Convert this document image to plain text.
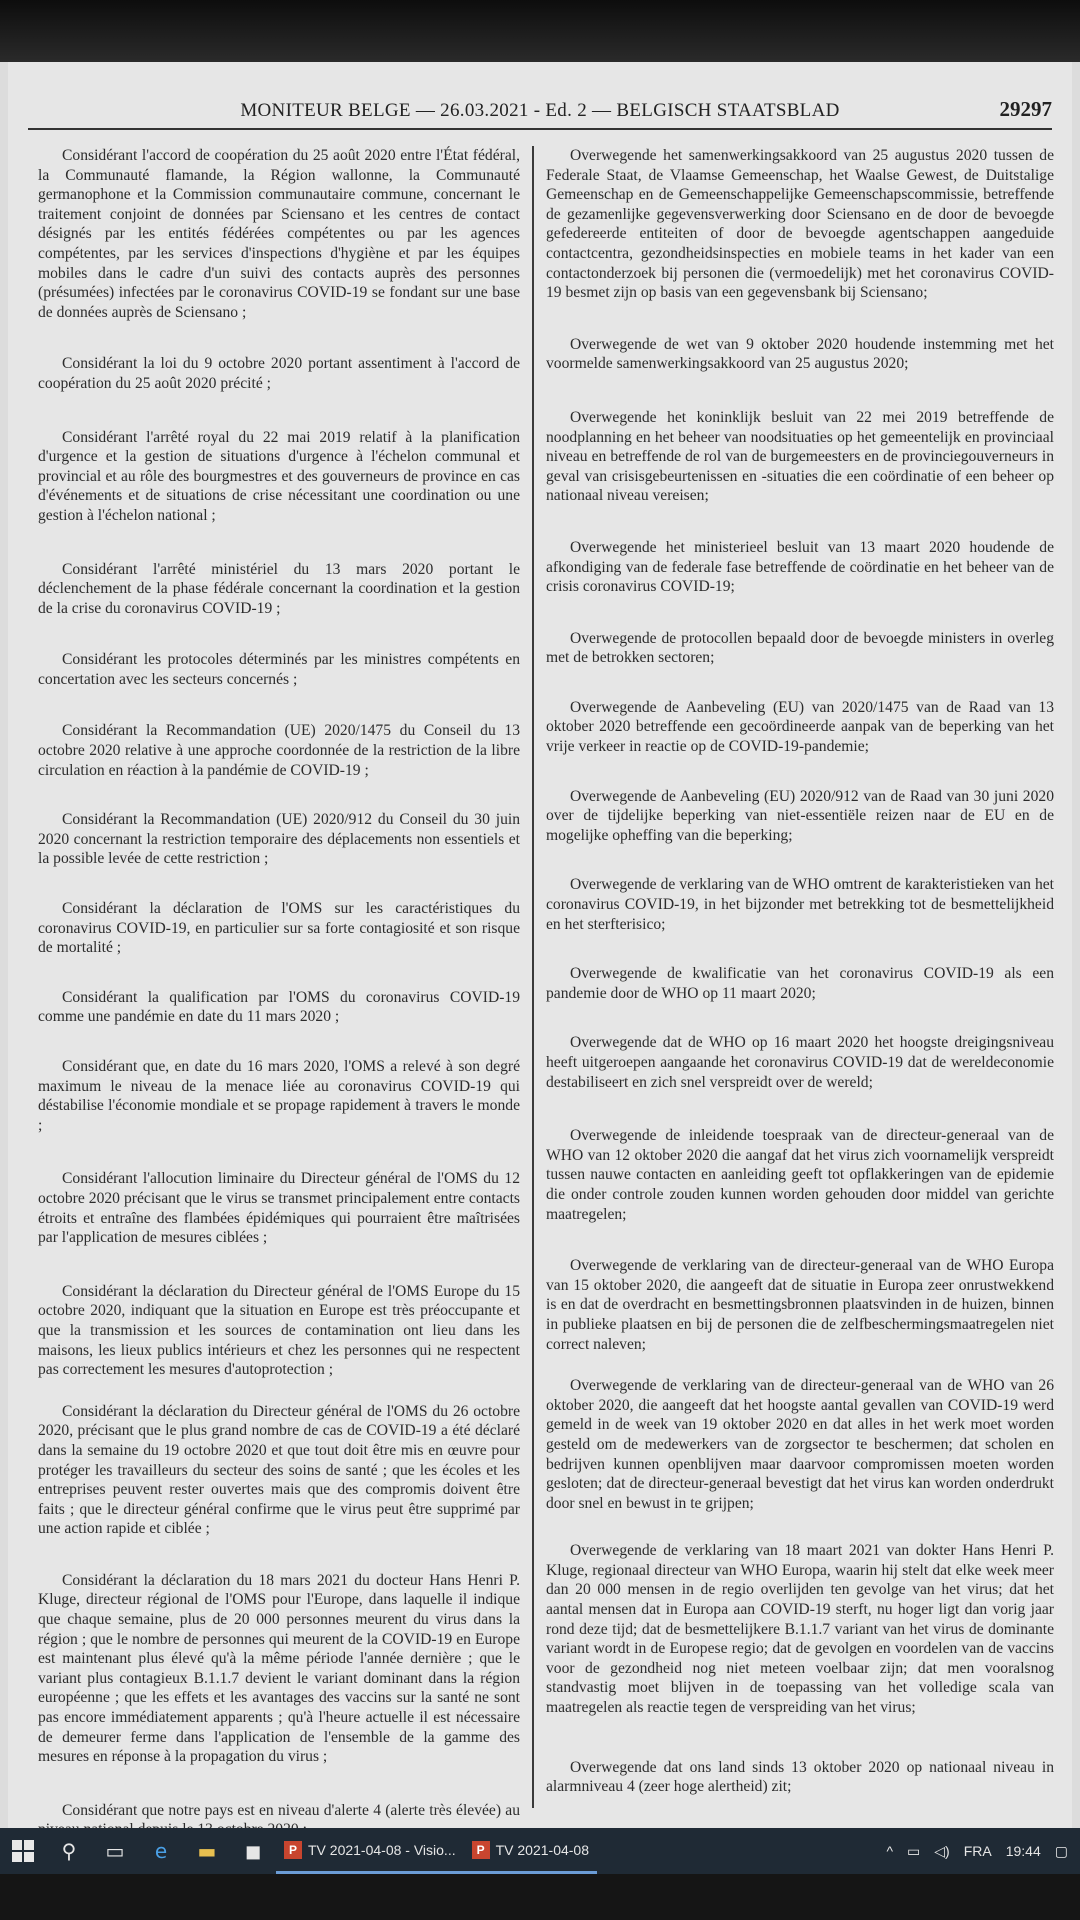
MONITEUR BELGE — 26.03.2021 - Ed. 2 — BELGISCH STAATSBLAD	29297

Considérant l'accord de coopération du 25 août 2020 entre l'État fédéral, la Communauté flamande, la Région wallonne, la Communauté germanophone et la Commission communautaire commune, concernant le traitement conjoint de données par Sciensano et les centres de contact désignés par les entités fédérées compétentes ou par les agences compétentes, par les services d'inspections d'hygiène et par les équipes mobiles dans le cadre d'un suivi des contacts auprès des personnes (présumées) infectées par le coronavirus COVID-19 se fondant sur une base de données auprès de Sciensano ;

Considérant la loi du 9 octobre 2020 portant assentiment à l'accord de coopération du 25 août 2020 précité ;

Considérant l'arrêté royal du 22 mai 2019 relatif à la planification d'urgence et la gestion de situations d'urgence à l'échelon communal et provincial et au rôle des bourgmestres et des gouverneurs de province en cas d'événements et de situations de crise nécessitant une coordination ou une gestion à l'échelon national ;

Considérant l'arrêté ministériel du 13 mars 2020 portant le déclenchement de la phase fédérale concernant la coordination et la gestion de la crise du coronavirus COVID-19 ;

Considérant les protocoles déterminés par les ministres compétents en concertation avec les secteurs concernés ;

Considérant la Recommandation (UE) 2020/1475 du Conseil du 13 octobre 2020 relative à une approche coordonnée de la restriction de la libre circulation en réaction à la pandémie de COVID-19 ;

Considérant la Recommandation (UE) 2020/912 du Conseil du 30 juin 2020 concernant la restriction temporaire des déplacements non essentiels et la possible levée de cette restriction ;

Considérant la déclaration de l'OMS sur les caractéristiques du coronavirus COVID-19, en particulier sur sa forte contagiosité et son risque de mortalité ;

Considérant la qualification par l'OMS du coronavirus COVID-19 comme une pandémie en date du 11 mars 2020 ;

Considérant que, en date du 16 mars 2020, l'OMS a relevé à son degré maximum le niveau de la menace liée au coronavirus COVID-19 qui déstabilise l'économie mondiale et se propage rapidement à travers le monde ;

Considérant l'allocution liminaire du Directeur général de l'OMS du 12 octobre 2020 précisant que le virus se transmet principalement entre contacts étroits et entraîne des flambées épidémiques qui pourraient être maîtrisées par l'application de mesures ciblées ;

Considérant la déclaration du Directeur général de l'OMS Europe du 15 octobre 2020, indiquant que la situation en Europe est très préoccupante et que la transmission et les sources de contamination ont lieu dans les maisons, les lieux publics intérieurs et chez les personnes qui ne respectent pas correctement les mesures d'autoprotection ;

Considérant la déclaration du Directeur général de l'OMS du 26 octobre 2020, précisant que le plus grand nombre de cas de COVID-19 a été déclaré dans la semaine du 19 octobre 2020 et que tout doit être mis en œuvre pour protéger les travailleurs du secteur des soins de santé ; que les écoles et les entreprises peuvent rester ouvertes mais que des compromis doivent être faits ; que le directeur général confirme que le virus peut être supprimé par une action rapide et ciblée ;

Considérant la déclaration du 18 mars 2021 du docteur Hans Henri P. Kluge, directeur régional de l'OMS pour l'Europe, dans laquelle il indique que chaque semaine, plus de 20 000 personnes meurent du virus dans la région ; que le nombre de personnes qui meurent de la COVID-19 en Europe est maintenant plus élevé qu'à la même période l'année dernière ; que le variant plus contagieux B.1.1.7 devient le variant dominant dans la région européenne ; que les effets et les avantages des vaccins sur la santé ne sont pas encore immédiatement apparents ; qu'à l'heure actuelle il est nécessaire de demeurer ferme dans l'application de l'ensemble de la gamme des mesures en réponse à la propagation du virus ;

Considérant que notre pays est en niveau d'alerte 4 (alerte très élevée) au

Overwegende het samenwerkingsakkoord van 25 augustus 2020 tussen de Federale Staat, de Vlaamse Gemeenschap, het Waalse Gewest, de Duitstalige Gemeenschap en de Gemeenschappelijke Gemeenschapscommissie, betreffende de gezamenlijke gegevensverwerking door Sciensano en de door de bevoegde gefedereerde entiteiten of door de bevoegde agentschappen aangeduide contactcentra, gezondheidsinspecties en mobiele teams in het kader van een contactonderzoek bij personen die (vermoedelijk) met het coronavirus COVID-19 besmet zijn op basis van een gegevensbank bij Sciensano;

Overwegende de wet van 9 oktober 2020 houdende instemming met het voormelde samenwerkingsakkoord van 25 augustus 2020;

Overwegende het koninklijk besluit van 22 mei 2019 betreffende de noodplanning en het beheer van noodsituaties op het gemeentelijk en provinciaal niveau en betreffende de rol van de burgemeesters en de provinciegouverneurs in geval van crisisgebeurtenissen en -situaties die een coördinatie of een beheer op nationaal niveau vereisen;

Overwegende het ministerieel besluit van 13 maart 2020 houdende de afkondiging van de federale fase betreffende de coördinatie en het beheer van de crisis coronavirus COVID-19;

Overwegende de protocollen bepaald door de bevoegde ministers in overleg met de betrokken sectoren;

Overwegende de Aanbeveling (EU) van 2020/1475 van de Raad van 13 oktober 2020 betreffende een gecoördineerde aanpak van de beperking van het vrije verkeer in reactie op de COVID-19-pandemie;

Overwegende de Aanbeveling (EU) 2020/912 van de Raad van 30 juni 2020 over de tijdelijke beperking van niet-essentiële reizen naar de EU en de mogelijke opheffing van die beperking;

Overwegende de verklaring van de WHO omtrent de karakteristieken van het coronavirus COVID-19, in het bijzonder met betrekking tot de besmettelijkheid en het sterfterisico;

Overwegende de kwalificatie van het coronavirus COVID-19 als een pandemie door de WHO op 11 maart 2020;

Overwegende dat de WHO op 16 maart 2020 het hoogste dreigingsniveau heeft uitgeroepen aangaande het coronavirus COVID-19 dat de wereldeconomie destabiliseert en zich snel verspreidt over de wereld;

Overwegende de inleidende toespraak van de directeur-generaal van de WHO van 12 oktober 2020 die aangaf dat het virus zich voornamelijk verspreidt tussen nauwe contacten en aanleiding geeft tot opflakkeringen van de epidemie die onder controle zouden kunnen worden gehouden door middel van gerichte maatregelen;

Overwegende de verklaring van de directeur-generaal van de WHO Europa van 15 oktober 2020, die aangeeft dat de situatie in Europa zeer onrustwekkend is en dat de overdracht en besmettingsbronnen plaatsvinden in de huizen, binnen in publieke plaatsen en bij de personen die de zelfbeschermingsmaatregelen niet correct naleven;

Overwegende de verklaring van de directeur-generaal van de WHO van 26 oktober 2020, die aangeeft dat het hoogste aantal gevallen van COVID-19 werd gemeld in de week van 19 oktober 2020 en dat alles in het werk moet worden gesteld om de medewerkers van de zorgsector te beschermen; dat scholen en bedrijven kunnen openblijven maar daarvoor compromissen moeten worden gesloten; dat de directeur-generaal bevestigt dat het virus kan worden onderdrukt door snel en bewust in te grijpen;

Overwegende de verklaring van 18 maart 2021 van dokter Hans Henri P. Kluge, regionaal directeur van WHO Europa, waarin hij stelt dat elke week meer dan 20 000 mensen in de regio overlijden ten gevolge van het virus; dat het aantal mensen dat in Europa aan COVID-19 sterft, nu hoger ligt dan vorig jaar rond deze tijd; dat de besmettelijkere B.1.1.7 variant van het virus de dominante variant wordt in de Europese regio; dat de gevolgen en voordelen van de vaccins voor de gezondheid nog niet meteen voelbaar zijn; dat men vooralsnog standvastig moet blijven in de toepassing van het volledige scala van maatregelen als reactie tegen de verspreiding van het virus;

Overwegende dat ons land sinds 13 oktober 2020 op nationaal niveau in alarmniveau 4 (zeer hoge alertheid) zit;

⚲	▭	e	▬	◼	P TV 2021-04-08 - Visio...	P TV 2021-04-08	^ ▭ ◁) FRA 19:44 ▢
